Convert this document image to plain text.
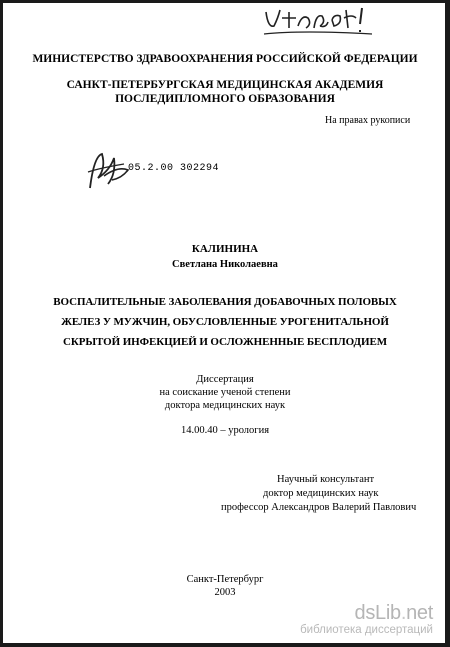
МИНИСТЕРСТВО ЗДРАВООХРАНЕНИЯ РОССИЙСКОЙ ФЕДЕРАЦИИ
САНКТ-ПЕТЕРБУРГСКАЯ МЕДИЦИНСКАЯ АКАДЕМИЯ
ПОСЛЕДИПЛОМНОГО ОБРАЗОВАНИЯ
На правах рукописи
05.2.00 302294
КАЛИНИНА
Светлана Николаевна
ВОСПАЛИТЕЛЬНЫЕ ЗАБОЛЕВАНИЯ ДОБАВОЧНЫХ ПОЛОВЫХ
ЖЕЛЕЗ У МУЖЧИН, ОБУСЛОВЛЕННЫЕ УРОГЕНИТАЛЬНОЙ
СКРЫТОЙ ИНФЕКЦИЕЙ И ОСЛОЖНЕННЫЕ БЕСПЛОДИЕМ
Диссертация
на соискание ученой степени
доктора медицинских наук
14.00.40 – урология
Научный консультант
доктор медицинских наук
профессор Александров Валерий Павлович
Санкт-Петербург
2003
dsLib.net
библиотека диссертаций
